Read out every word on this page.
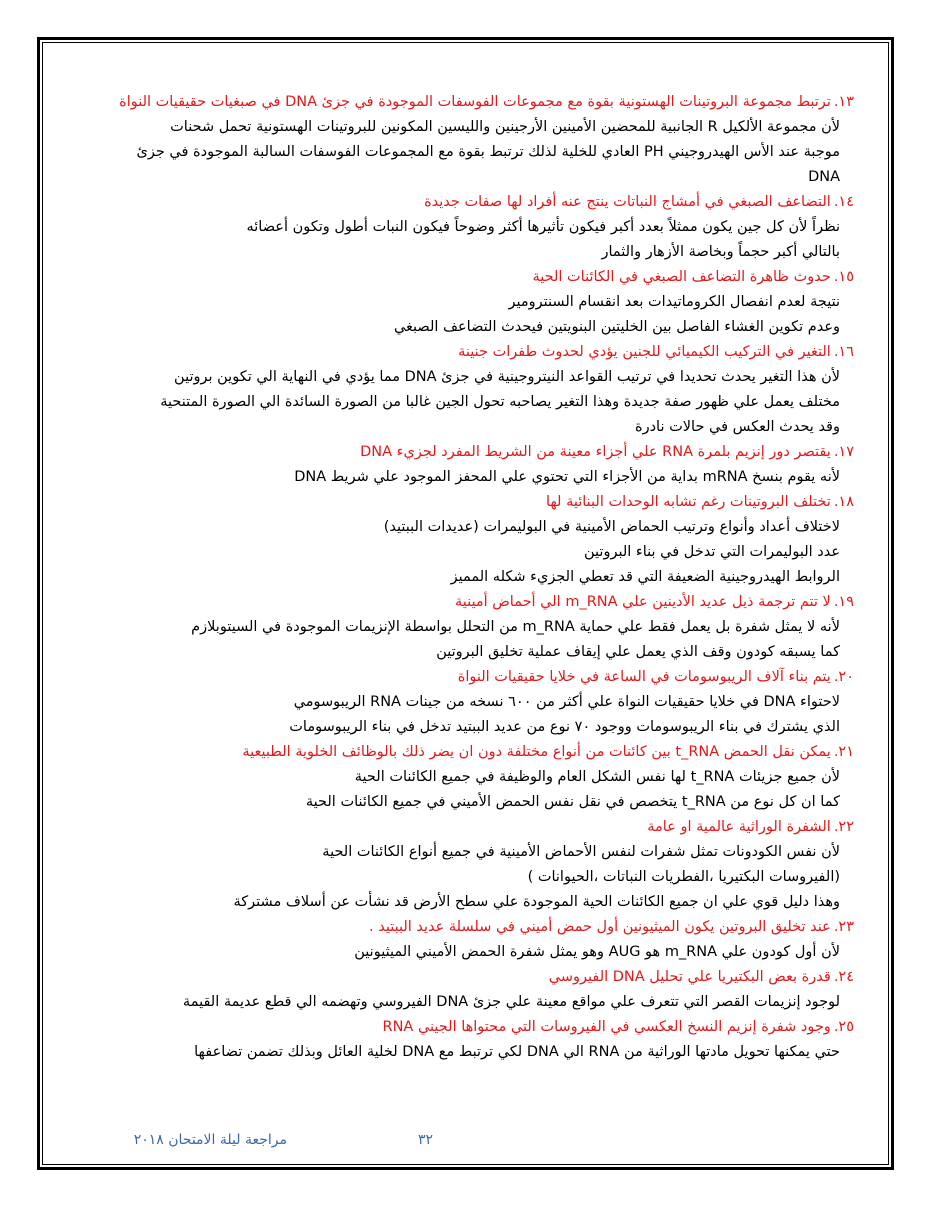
١٣.ترتبط مجموعة البروتينات الهستونية بقوة مع مجموعات الفوسفات الموجودة في جزئ DNA في صبغيات حقيقيات النواة
لأن مجموعة الألكيل R الجانبية للمحضين الأمينين الأرجينين والليسين المكونين للبروتينات الهستونية تحمل شحنات
موجبة عند الأس الهيدروجيني PH العادي للخلية لذلك ترتبط بقوة مع المجموعات الفوسفات السالبة الموجودة في جزئ
DNA
١٤.التضاعف الصبغي في أمشاج النباتات ينتج عنه أفراد لها صفات جديدة
نظراً لأن كل جين يكون ممثلاً بعدد أكبر فيكون تأثيرها أكثر وضوحاً فيكون النبات أطول وتكون أعضائه
بالتالي أكبر حجماً وبخاصة الأزهار والثمار
١٥.حدوث ظاهرة التضاعف الصبغي في الكائنات الحية
نتيجة لعدم انفصال الكروماتيدات بعد انقسام السنترومير
وعدم تكوين الغشاء الفاصل بين الخليتين البنويتين فيحدث التضاعف الصبغي
١٦.التغير في التركيب الكيميائي للجنين يؤدي لحدوث طفرات جنينة
لأن هذا التغير يحدث تحديدا في ترتيب القواعد النيتروجينية في جزئ DNA مما يؤدي في النهاية الي تكوين بروتين
مختلف يعمل علي ظهور صفة جديدة وهذا التغير يصاحبه تحول الجين غالبا من الصورة السائدة الي الصورة المتنحية
وقد يحدث العكس في حالات نادرة
١٧.يقتصر دور إنزيم بلمرة RNA علي أجزاء معينة من الشريط المفرد لجزيء DNA
لأنه يقوم بنسخ mRNA بداية من الأجزاء التي تحتوي علي المحفز الموجود علي شريط DNA
١٨.تختلف البروتينات رغم تشابه الوحدات البنائية لها
لاختلاف أعداد وأنواع وترتيب الحماض الأمينية في البوليمرات (عديدات الببتيد)
عدد البوليمرات التي تدخل في بناء البروتين
الروابط الهيدروجينية الضعيفة التي قد تعطي الجزيء شكله المميز
١٩.لا تتم ترجمة ذيل عديد الأدينين علي m_RNA الي أحماض أمينية
لأنه لا يمثل شفرة بل يعمل فقط علي حماية m_RNA من التحلل بواسطة الإنزيمات الموجودة في السيتوبلازم
كما يسبقه كودون وقف الذي يعمل علي إيقاف عملية تخليق البروتين
٢٠.يتم بناء آلاف الريبوسومات في الساعة في خلايا حقيقيات النواة
لاحتواء DNA في خلايا حقيقيات النواة علي أكثر من ٦٠٠ نسخه من جينات RNA الريبوسومي
الذي يشترك في بناء الريبوسومات ووجود ٧٠ نوع من عديد الببتيد تدخل في بناء الريبوسومات
٢١.يمكن نقل الحمض t_RNA بين كائنات من أنواع مختلفة دون ان يضر ذلك بالوظائف الخلوية الطبيعية
لأن جميع جزيئات t_RNA لها نفس الشكل العام والوظيفة في جميع الكائنات الحية
كما ان كل نوع من t_RNA يتخصص في نقل نفس الحمض الأميني في جميع الكائنات الحية
٢٢.الشفرة الوراثية عالمية او عامة
لأن نفس الكودونات تمثل شفرات لنفس الأحماض الأمينية في جميع أنواع الكائنات الحية
(الفيروسات البكتيريا ،الفطريات النباتات ،الحيوانات )
وهذا دليل قوي علي ان جميع الكائنات الحية الموجودة علي سطح الأرض قد نشأت عن أسلاف مشتركة
٢٣.عند تخليق البروتين يكون الميثيونين أول حمض أميني في سلسلة عديد الببتيد .
لأن أول كودون علي m_RNA هو AUG وهو يمثل شفرة الحمض الأميني الميثيونين
٢٤.قدرة بعض البكتيريا علي تحليل DNA الفيروسي
لوجود إنزيمات القصر التي تتعرف علي مواقع معينة علي جزئ DNA الفيروسي وتهضمه الي قطع عديمة القيمة
٢٥.وجود شفرة إنزيم النسخ العكسي في الفيروسات التي محتواها الجيني RNA
حتي يمكنها تحويل مادتها الوراثية من RNA الي DNA لكي ترتبط مع DNA لخلية العائل وبذلك تضمن تضاعفها
مراجعة ليلة الامتحان ٢٠١٨	٣٢
